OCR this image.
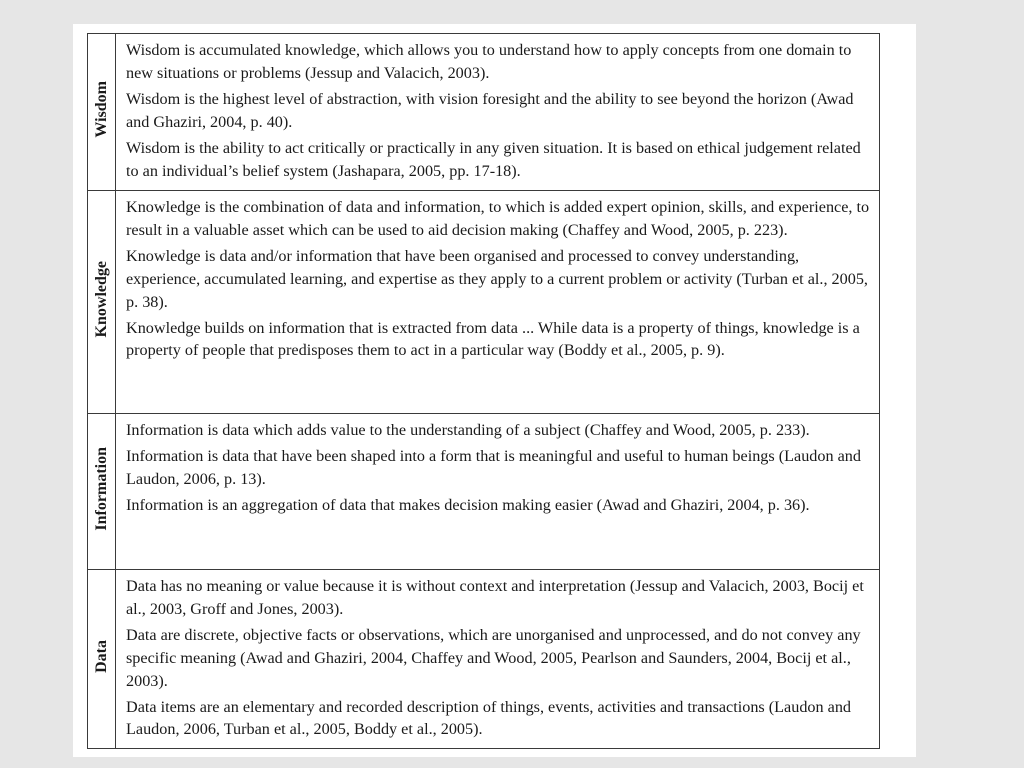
Wisdom	Wisdom is accumulated knowledge, which allows you to understand how to apply concepts from one domain to new situations or problems (Jessup and Valacich, 2003).

Wisdom is the highest level of abstraction, with vision foresight and the ability to see beyond the horizon (Awad and Ghaziri, 2004, p. 40).

Wisdom is the ability to act critically or practically in any given situation. It is based on ethical judgement related to an individual’s belief system (Jashapara, 2005, pp. 17-18).

Knowledge	Knowledge is the combination of data and information, to which is added expert opinion, skills, and experience, to result in a valuable asset which can be used to aid decision making (Chaffey and Wood, 2005, p. 223).

Knowledge is data and/or information that have been organised and processed to convey understanding, experience, accumulated learning, and expertise as they apply to a current problem or activity (Turban et al., 2005, p. 38).

Knowledge builds on information that is extracted from data ... While data is a property of things, knowledge is a property of people that predisposes them to act in a particular way (Boddy et al., 2005, p. 9).

Information	Information is data which adds value to the understanding of a subject (Chaffey and Wood, 2005, p. 233).

Information is data that have been shaped into a form that is meaningful and useful to human beings (Laudon and Laudon, 2006, p. 13).

Information is an aggregation of data that makes decision making easier (Awad and Ghaziri, 2004, p. 36).

Data	Data has no meaning or value because it is without context and interpretation (Jessup and Valacich, 2003, Bocij et al., 2003, Groff and Jones, 2003).

Data are discrete, objective facts or observations, which are unorganised and unprocessed, and do not convey any specific meaning (Awad and Ghaziri, 2004, Chaffey and Wood, 2005, Pearlson and Saunders, 2004, Bocij et al., 2003).

Data items are an elementary and recorded description of things, events, activities and transactions (Laudon and Laudon, 2006, Turban et al., 2005, Boddy et al., 2005).
